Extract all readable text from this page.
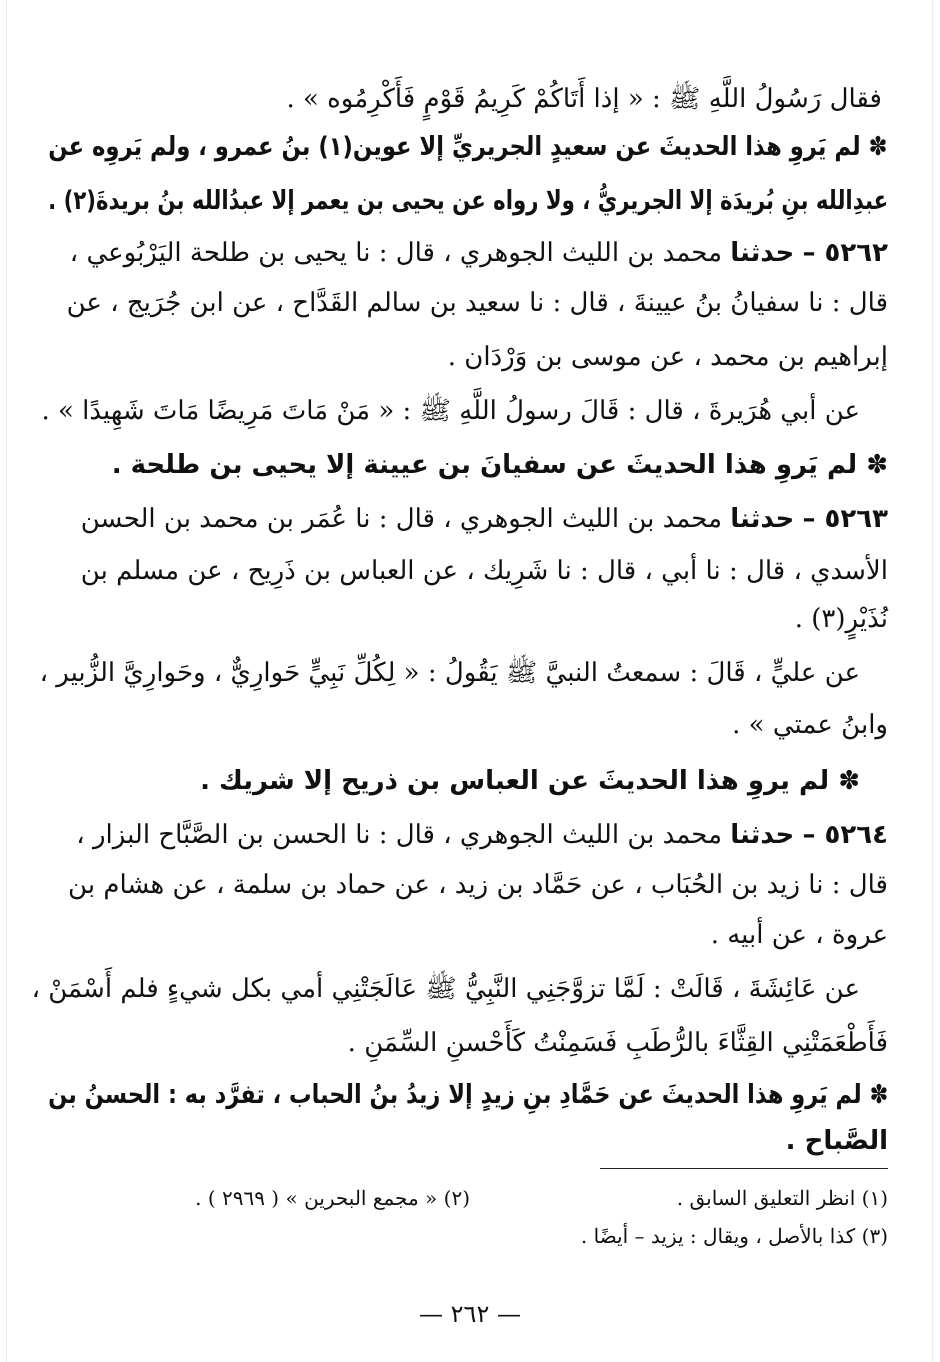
فقال رَسُولُ اللَّهِ ﷺ : « إذا أَتَاكُمْ كَرِيمُ قَوْمٍ فَأَكْرِمُوه » .
✽ لم يَروِ هذا الحديثَ عن سعيدٍ الجريريِّ إلا عوين(١) بنُ عمرو ، ولم يَروِه عن
عبدِالله بنِ بُريدَة إلا الجريريُّ ، ولا رواه عن يحيى بن يعمر إلا عبدُالله بنُ بريدةَ(٢) .
٥٢٦٢ – حدثنا محمد بن الليث الجوهري ، قال : نا يحيى بن طلحة اليَرْبُوعي ،
قال : نا سفيانُ بنُ عيينةَ ، قال : نا سعيد بن سالم القَدَّاح ، عن ابن جُرَيج ، عن
إبراهيم بن محمد ، عن موسى بن وَرْدَان .
عن أبي هُرَيرةَ ، قال : قَالَ رسولُ اللَّهِ ﷺ : « مَنْ مَاتَ مَرِيضًا مَاتَ شَهِيدًا » .
✽ لم يَروِ هذا الحديثَ عن سفيانَ بن عيينة إلا يحيى بن طلحة .
٥٢٦٣ – حدثنا محمد بن الليث الجوهري ، قال : نا عُمَر بن محمد بن الحسن
الأسدي ، قال : نا أبي ، قال : نا شَرِيك ، عن العباس بن ذَرِيح ، عن مسلم بن
نُذَيْرٍ(٣) .
عن عليٍّ ، قَالَ : سمعتُ النبيَّ ﷺ يَقُولُ : « لِكُلِّ نَبِيٍّ حَوارِيٌّ ، وحَوارِيَّ الزُّبير ،
وابنُ عمتي » .
✽ لم يروِ هذا الحديثَ عن العباس بن ذريح إلا شريك .
٥٢٦٤ – حدثنا محمد بن الليث الجوهري ، قال : نا الحسن بن الصَّبَّاح البزار ،
قال : نا زيد بن الحُبَاب ، عن حَمَّاد بن زيد ، عن حماد بن سلمة ، عن هشام بن
عروة ، عن أبيه .
عن عَائِشَةَ ، قَالَتْ : لَمَّا تزوَّجَنِي النَّبِيُّ ﷺ عَالَجَتْنِي أمي بكل شيءٍ فلم أَسْمَنْ ،
فَأَطْعَمَتْنِي القِثَّاءَ بالرُّطَبِ فَسَمِنْتُ كَأَحْسنِ السِّمَنِ .
✽ لم يَروِ هذا الحديثَ عن حَمَّادِ بنِ زيدٍ إلا زيدُ بنُ الحباب ، تفرَّد به : الحسنُ بن
الصَّباح .
(١) انظر التعليق السابق .
(٢) « مجمع البحرين » ( ٢٩٦٩ ) .
(٣) كذا بالأصل ، ويقال : يزيد – أيضًا .
— ٢٦٢ —
